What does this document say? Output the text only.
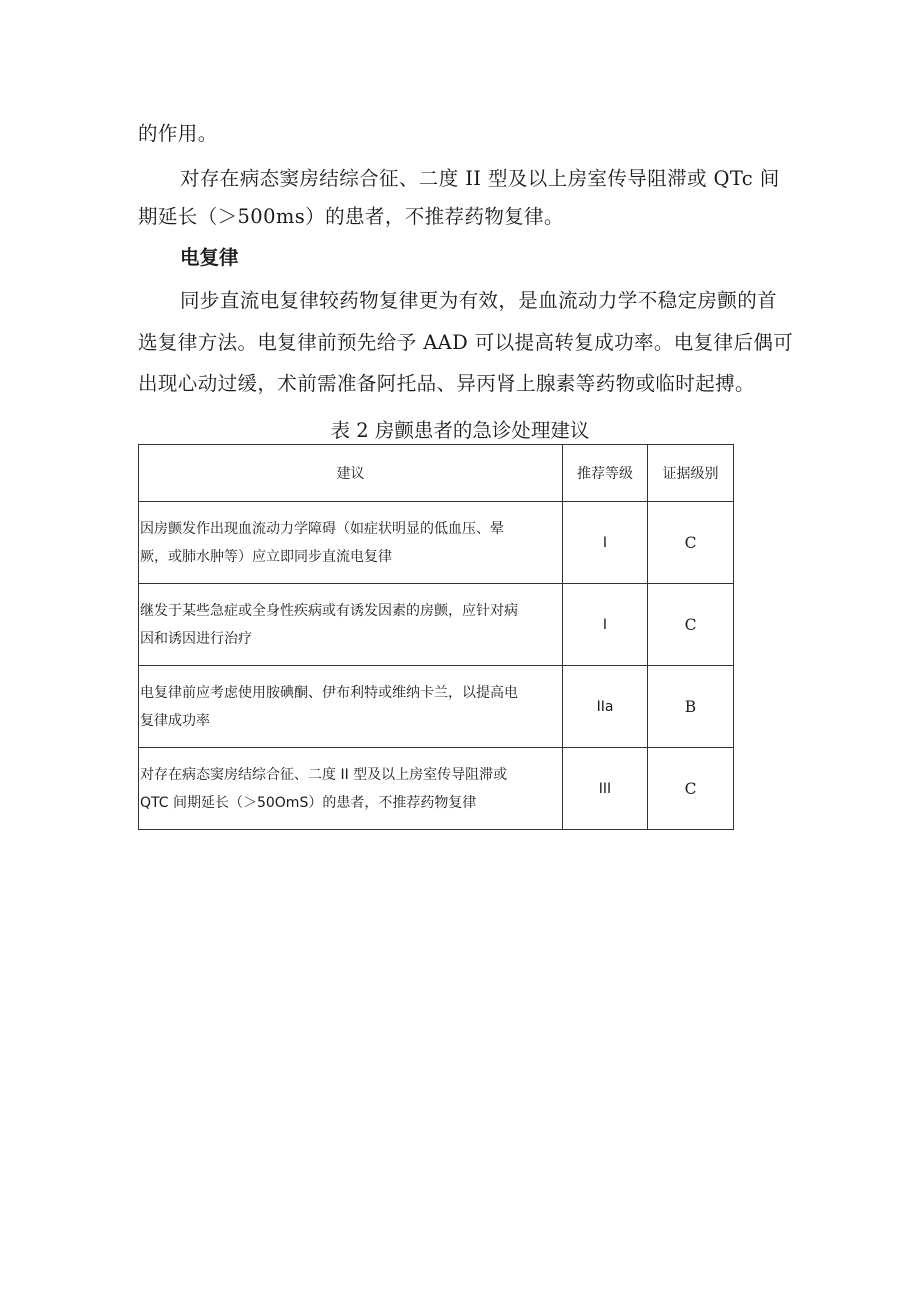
的作用。
对存在病态窦房结综合征、二度 II 型及以上房室传导阻滞或 QTc 间
期延长（＞500ms）的患者，不推荐药物复律。
电复律
同步直流电复律较药物复律更为有效，是血流动力学不稳定房颤的首
选复律方法。电复律前预先给予 AAD 可以提高转复成功率。电复律后偶可
出现心动过缓，术前需准备阿托品、异丙肾上腺素等药物或临时起搏。
表 2 房颤患者的急诊处理建议
建议	推荐等级	证据级别

因房颤发作出现血流动力学障碍（如症状明显的低血压、晕
厥，或肺水肿等）应立即同步直流电复律	I	C

继发于某些急症或全身性疾病或有诱发因素的房颤，应针对病
因和诱因进行治疗	I	C

电复律前应考虑使用胺碘酮、伊布利特或维纳卡兰，以提高电
复律成功率	IIa	B

对存在病态窦房结综合征、二度 II 型及以上房室传导阻滞或
QTC 间期延长（＞50OmS）的患者，不推荐药物复律	III	C
